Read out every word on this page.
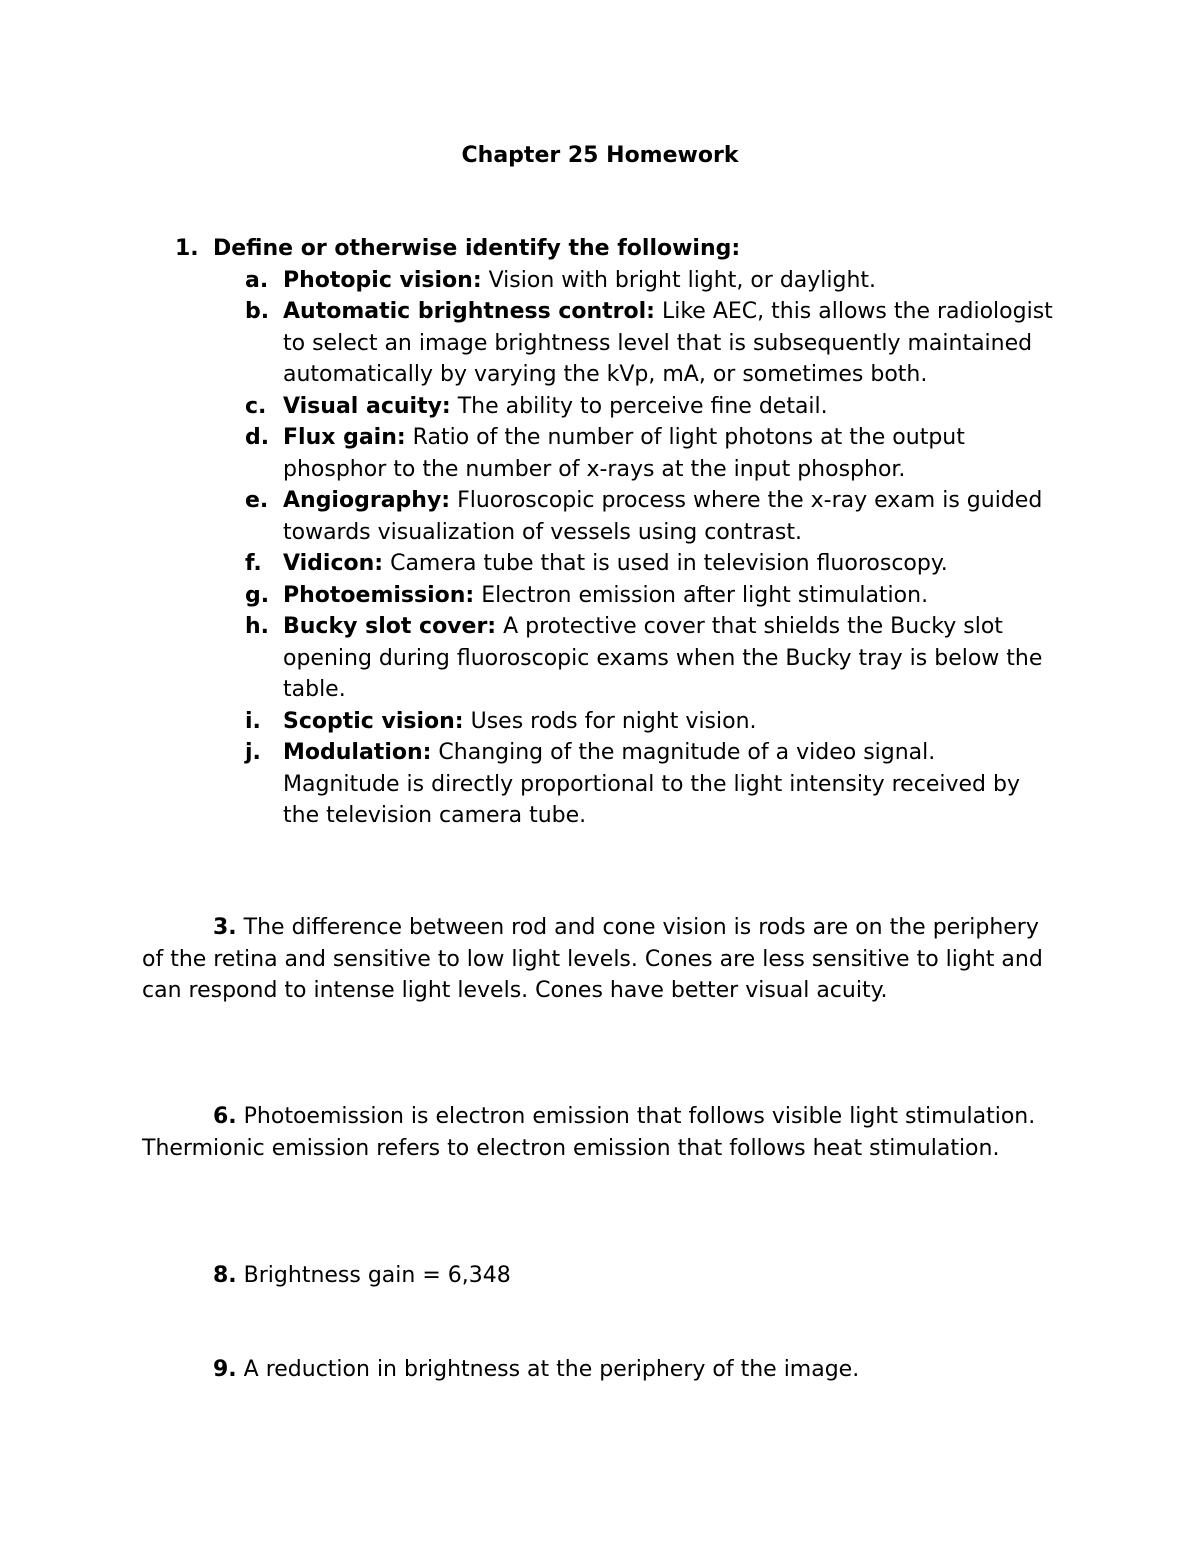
Chapter 25 Homework
1. Define or otherwise identify the following:
a. Photopic vision: Vision with bright light, or daylight.
b. Automatic brightness control: Like AEC, this allows the radiologist to select an image brightness level that is subsequently maintained automatically by varying the kVp, mA, or sometimes both.
c. Visual acuity: The ability to perceive fine detail.
d. Flux gain: Ratio of the number of light photons at the output phosphor to the number of x-rays at the input phosphor.
e. Angiography: Fluoroscopic process where the x-ray exam is guided towards visualization of vessels using contrast.
f. Vidicon: Camera tube that is used in television fluoroscopy.
g. Photoemission: Electron emission after light stimulation.
h. Bucky slot cover: A protective cover that shields the Bucky slot opening during fluoroscopic exams when the Bucky tray is below the table.
i.	Scoptic vision: Uses rods for night vision.
j.	Modulation: Changing of the magnitude of a video signal. Magnitude is directly proportional to the light intensity received by the television camera tube.

3. The difference between rod and cone vision is rods are on the periphery of the retina and sensitive to low light levels. Cones are less sensitive to light and can respond to intense light levels. Cones have better visual acuity.

6. Photoemission is electron emission that follows visible light stimulation. Thermionic emission refers to electron emission that follows heat stimulation.

8. Brightness gain = 6,348

9. A reduction in brightness at the periphery of the image.
